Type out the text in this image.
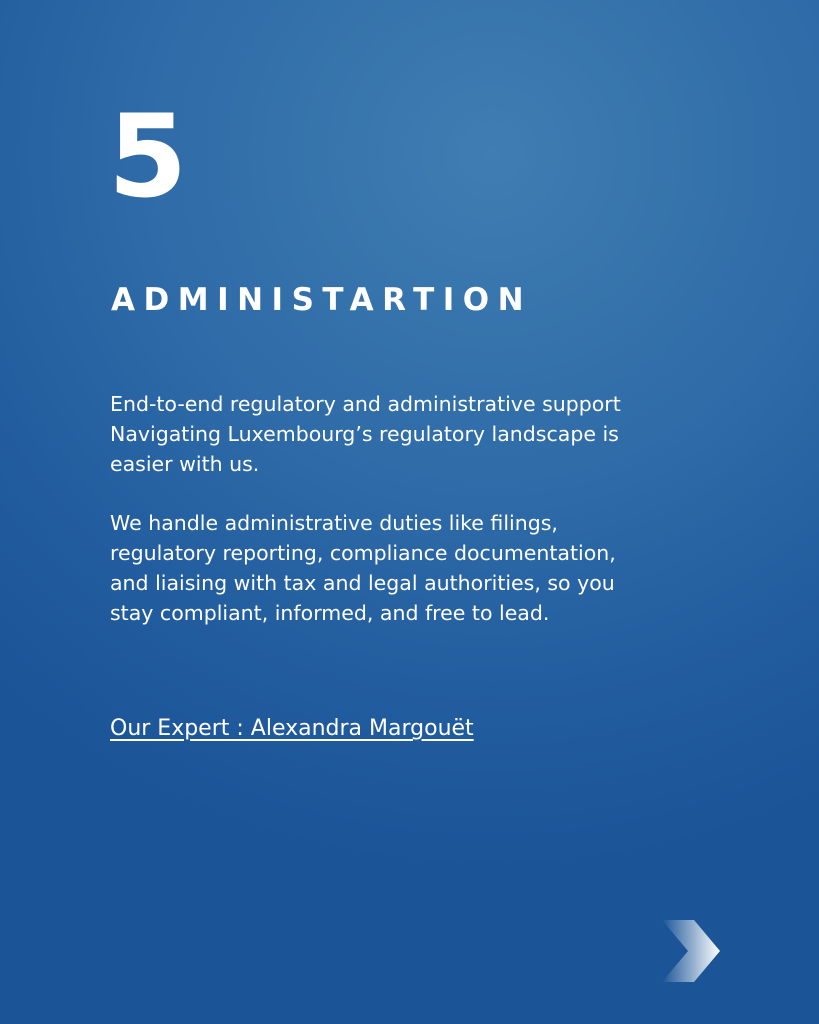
5
ADMINISTARTION

End-to-end regulatory and administrative support
Navigating Luxembourg’s regulatory landscape is
easier with us.

We handle administrative duties like filings,
regulatory reporting, compliance documentation,
and liaising with tax and legal authorities, so you
stay compliant, informed, and free to lead.

Our Expert : Alexandra Margouët
